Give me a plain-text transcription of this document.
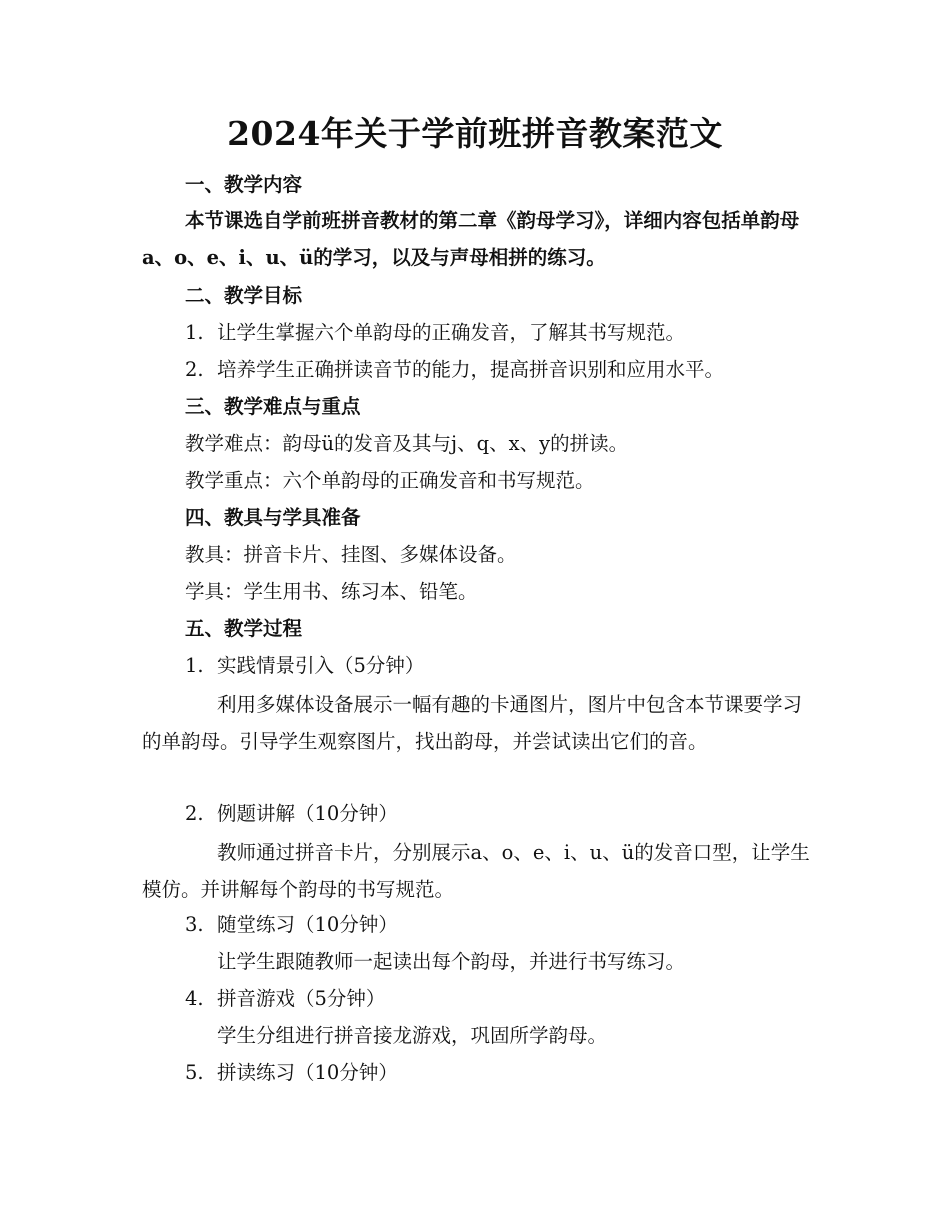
2024年关于学前班拼音教案范文
一、教学内容
本节课选自学前班拼音教材的第二章《韵母学习》，详细内容包括单韵母a、o、e、i、u、ü的学习，以及与声母相拼的练习。
二、教学目标
1. 让学生掌握六个单韵母的正确发音，了解其书写规范。
2. 培养学生正确拼读音节的能力，提高拼音识别和应用水平。
三、教学难点与重点
教学难点：韵母ü的发音及其与j、q、x、y的拼读。
教学重点：六个单韵母的正确发音和书写规范。
四、教具与学具准备
教具：拼音卡片、挂图、多媒体设备。
学具：学生用书、练习本、铅笔。
五、教学过程
1. 实践情景引入（5分钟）
利用多媒体设备展示一幅有趣的卡通图片，图片中包含本节课要学习的单韵母。引导学生观察图片，找出韵母，并尝试读出它们的音。
2. 例题讲解（10分钟）
教师通过拼音卡片，分别展示a、o、e、i、u、ü的发音口型，让学生模仿。并讲解每个韵母的书写规范。
3. 随堂练习（10分钟）
让学生跟随教师一起读出每个韵母，并进行书写练习。
4. 拼音游戏（5分钟）
学生分组进行拼音接龙游戏，巩固所学韵母。
5. 拼读练习（10分钟）
